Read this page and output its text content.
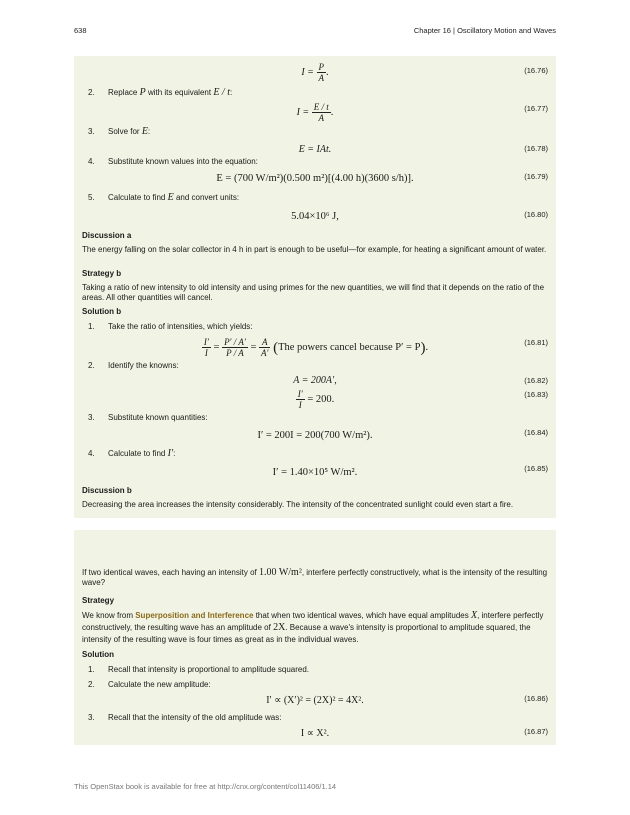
638	Chapter 16 | Oscillatory Motion and Waves
$I = \frac{P}{A}$ .	(16.76)
2. Replace P with its equivalent E / t:
$I = \frac{E / t}{A}$ .	(16.77)
3. Solve for E:
E = IAt.	(16.78)
4. Substitute known values into the equation:
E = (700 W/m²)(0.500 m²)[(4.00 h)(3600 s/h)].	(16.79)
5. Calculate to find E and convert units:
5.04×10⁶ J,	(16.80)
Discussion a
The energy falling on the solar collector in 4 h in part is enough to be useful—for example, for heating a significant amount of water.
Strategy b
Taking a ratio of new intensity to old intensity and using primes for the new quantities, we will find that it depends on the ratio of the areas. All other quantities will cancel.
Solution b
1. Take the ratio of intensities, which yields:
$\frac{I'}{I} = \frac{P' / A'}{P / A} = \frac{A}{A'} (The$ powers cancel because P′ = P).	(16.81)
2. Identify the knowns:
A = 200A′,	(16.82)
$\frac{I'}{I} = 200$.	(16.83)
3. Substitute known quantities:
I′ = 200I = 200(700 W/m²).	(16.84)
4. Calculate to find I′:
I′ = 1.40×10⁵ W/m².	(16.85)
Discussion b
Decreasing the area increases the intensity considerably. The intensity of the concentrated sunlight could even start a fire.

If two identical waves, each having an intensity of 1.00 W/m², interfere perfectly constructively, what is the intensity of the resulting wave?
Strategy
We know from Superposition and Interference that when two identical waves, which have equal amplitudes X, interfere perfectly constructively, the resulting wave has an amplitude of 2X. Because a wave's intensity is proportional to amplitude squared, the intensity of the resulting wave is four times as great as in the individual waves.
Solution
1. Recall that intensity is proportional to amplitude squared.
2. Calculate the new amplitude:
I′ ∝ (X′)² = (2X)² = 4X².	(16.86)
3. Recall that the intensity of the old amplitude was:
I ∝ X².	(16.87)
This OpenStax book is available for free at http://cnx.org/content/col11406/1.14
